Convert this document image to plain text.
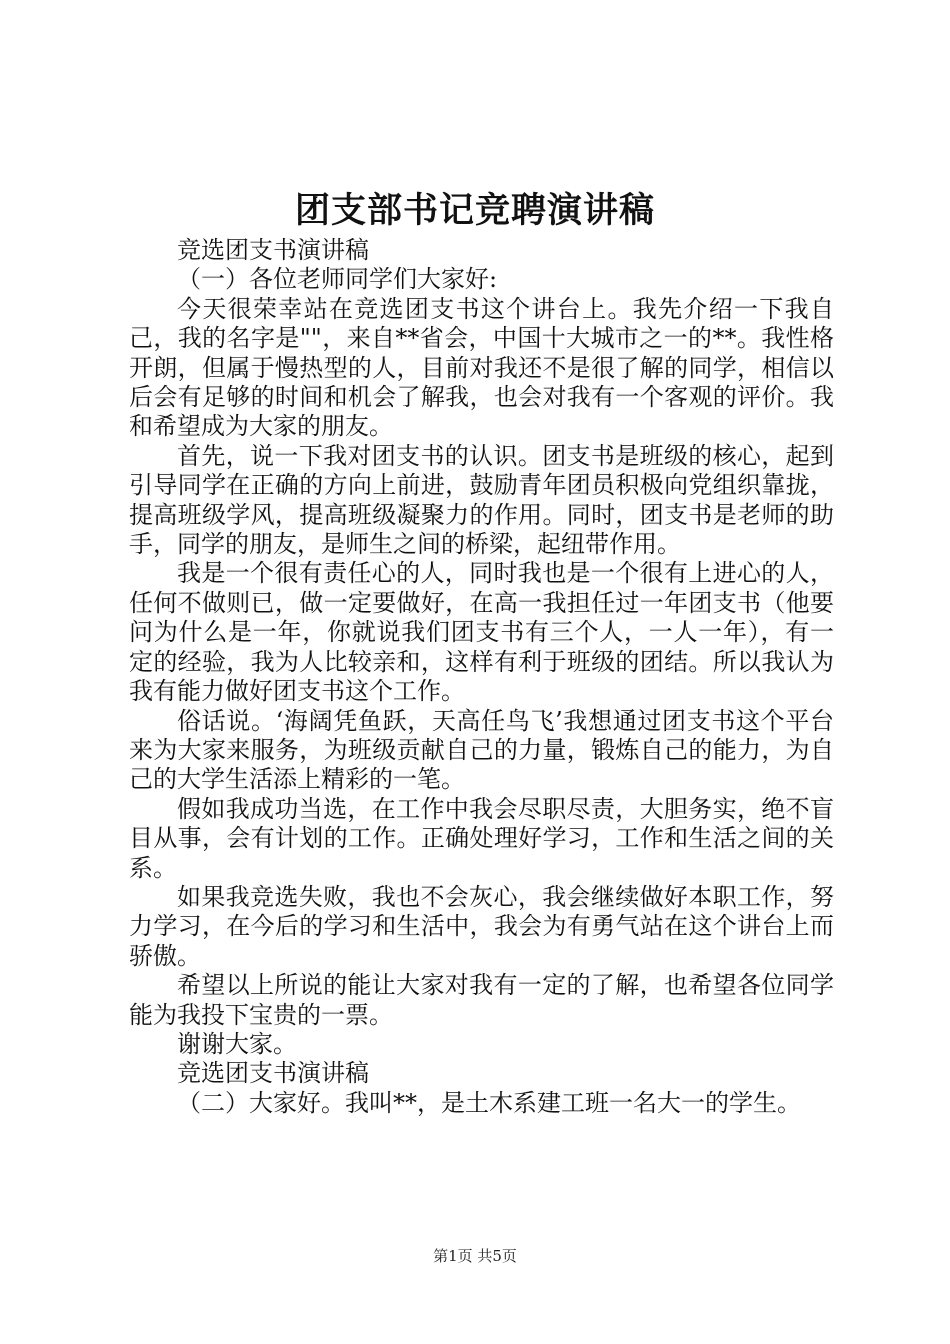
团支部书记竞聘演讲稿

竞选团支书演讲稿

（一）各位老师同学们大家好:

今天很荣幸站在竞选团支书这个讲台上。我先介绍一下我自己，我的名字是""，来自**省会，中国十大城市之一的**。我性格开朗，但属于慢热型的人，目前对我还不是很了解的同学，相信以后会有足够的时间和机会了解我，也会对我有一个客观的评价。我和希望成为大家的朋友。

首先，说一下我对团支书的认识。团支书是班级的核心，起到引导同学在正确的方向上前进，鼓励青年团员积极向党组织靠拢，提高班级学风，提高班级凝聚力的作用。同时，团支书是老师的助手，同学的朋友，是师生之间的桥梁，起纽带作用。

我是一个很有责任心的人，同时我也是一个很有上进心的人，任何不做则已，做一定要做好，在高一我担任过一年团支书（他要问为什么是一年，你就说我们团支书有三个人，一人一年），有一定的经验，我为人比较亲和，这样有利于班级的团结。所以我认为我有能力做好团支书这个工作。

俗话说。‘海阔凭鱼跃，天高任鸟飞’我想通过团支书这个平台来为大家来服务，为班级贡献自己的力量，锻炼自己的能力，为自己的大学生活添上精彩的一笔。

假如我成功当选，在工作中我会尽职尽责，大胆务实，绝不盲目从事，会有计划的工作。正确处理好学习，工作和生活之间的关系。

如果我竞选失败，我也不会灰心，我会继续做好本职工作，努力学习，在今后的学习和生活中，我会为有勇气站在这个讲台上而骄傲。

希望以上所说的能让大家对我有一定的了解，也希望各位同学能为我投下宝贵的一票。

谢谢大家。

竞选团支书演讲稿

（二）大家好。我叫**，是土木系建工班一名大一的学生。

第1页 共5页
